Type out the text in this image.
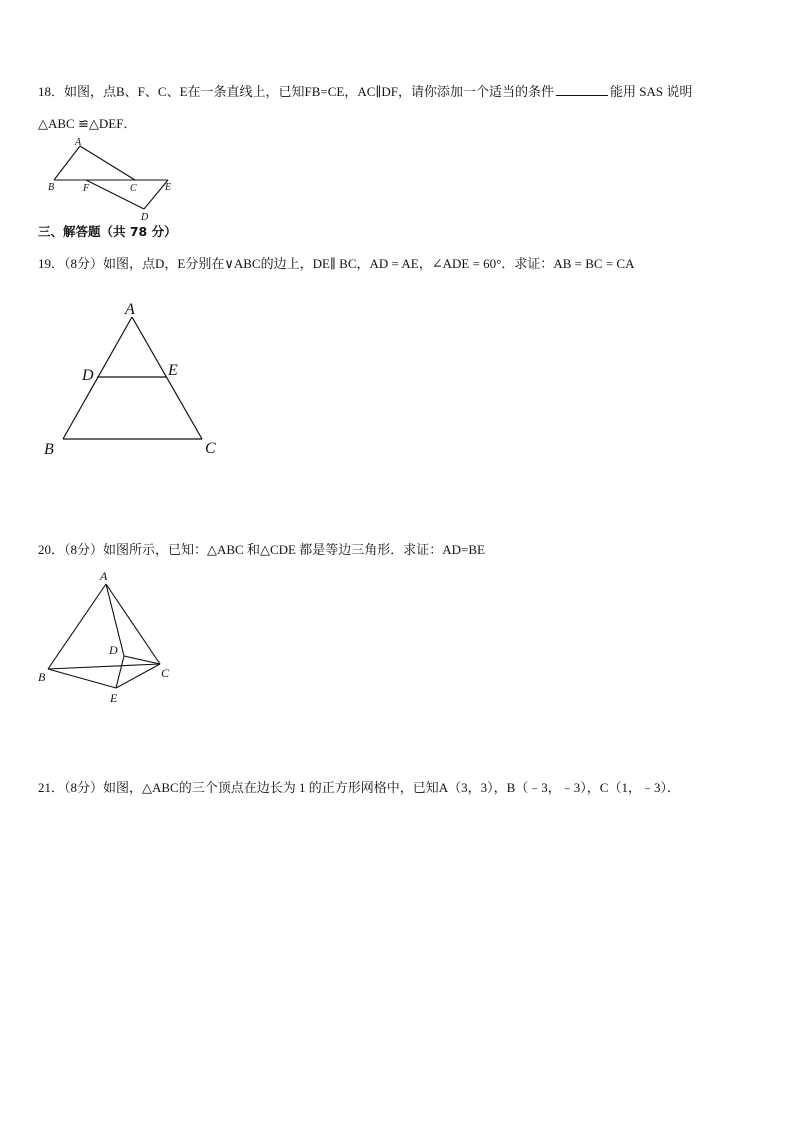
18．如图，点B、F、C、E在一条直线上，已知FB=CE，AC∥DF，请你添加一个适当的条件	能用 SAS 说明
△ABC ≌△DEF．
A
B	F	C	E
D
三、解答题（共 78 分）
19．（8分）如图，点D，E分别在∨ABC的边上，DE∥ BC，AD = AE，∠ADE = 60°．求证：AB = BC = CA
A
D	E
B	C
20．（8分）如图所示，已知：△ABC 和△CDE 都是等边三角形．求证：AD=BE
A
D
B	C
E
21．（8分）如图，△ABC的三个顶点在边长为 1 的正方形网格中，已知A（3，3），B（﹣3，﹣3），C（1，﹣3）．
